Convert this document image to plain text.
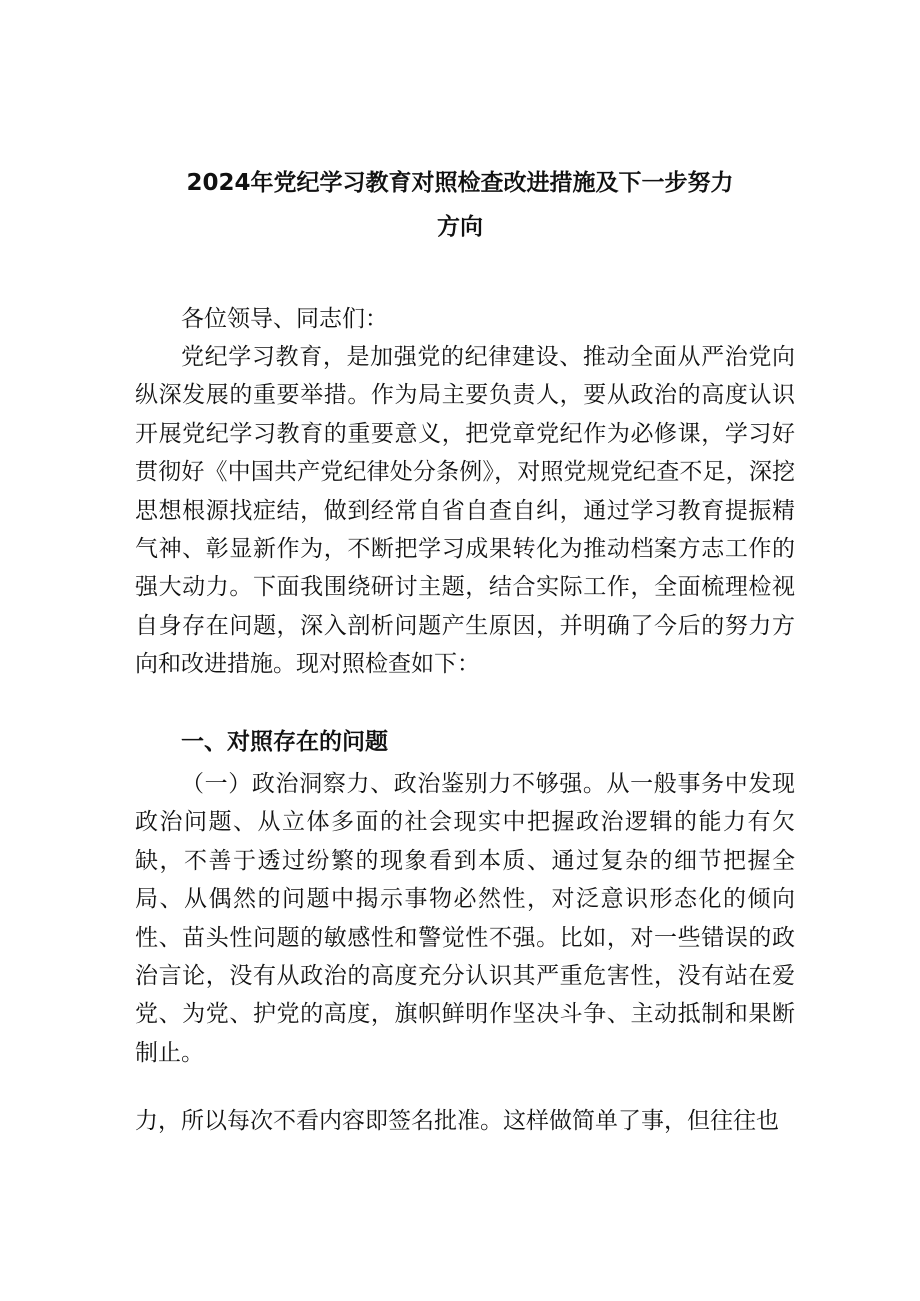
2024年党纪学习教育对照检查改进措施及下一步努力
方向

各位领导、同志们：

党纪学习教育，是加强党的纪律建设、推动全面从严治党向纵深发展的重要举措。作为局主要负责人，要从政治的高度认识开展党纪学习教育的重要意义，把党章党纪作为必修课，学习好贯彻好《中国共产党纪律处分条例》，对照党规党纪查不足，深挖思想根源找症结，做到经常自省自查自纠，通过学习教育提振精气神、彰显新作为，不断把学习成果转化为推动档案方志工作的强大动力。下面我围绕研讨主题，结合实际工作，全面梳理检视自身存在问题，深入剖析问题产生原因，并明确了今后的努力方向和改进措施。现对照检查如下：

一、对照存在的问题

（一）政治洞察力、政治鉴别力不够强。从一般事务中发现政治问题、从立体多面的社会现实中把握政治逻辑的能力有欠缺，不善于透过纷繁的现象看到本质、通过复杂的细节把握全局、从偶然的问题中揭示事物必然性，对泛意识形态化的倾向性、苗头性问题的敏感性和警觉性不强。比如，对一些错误的政治言论，没有从政治的高度充分认识其严重危害性，没有站在爱党、为党、护党的高度，旗帜鲜明作坚决斗争、主动抵制和果断制止。

力，所以每次不看内容即签名批准。这样做简单了事，但往往也
